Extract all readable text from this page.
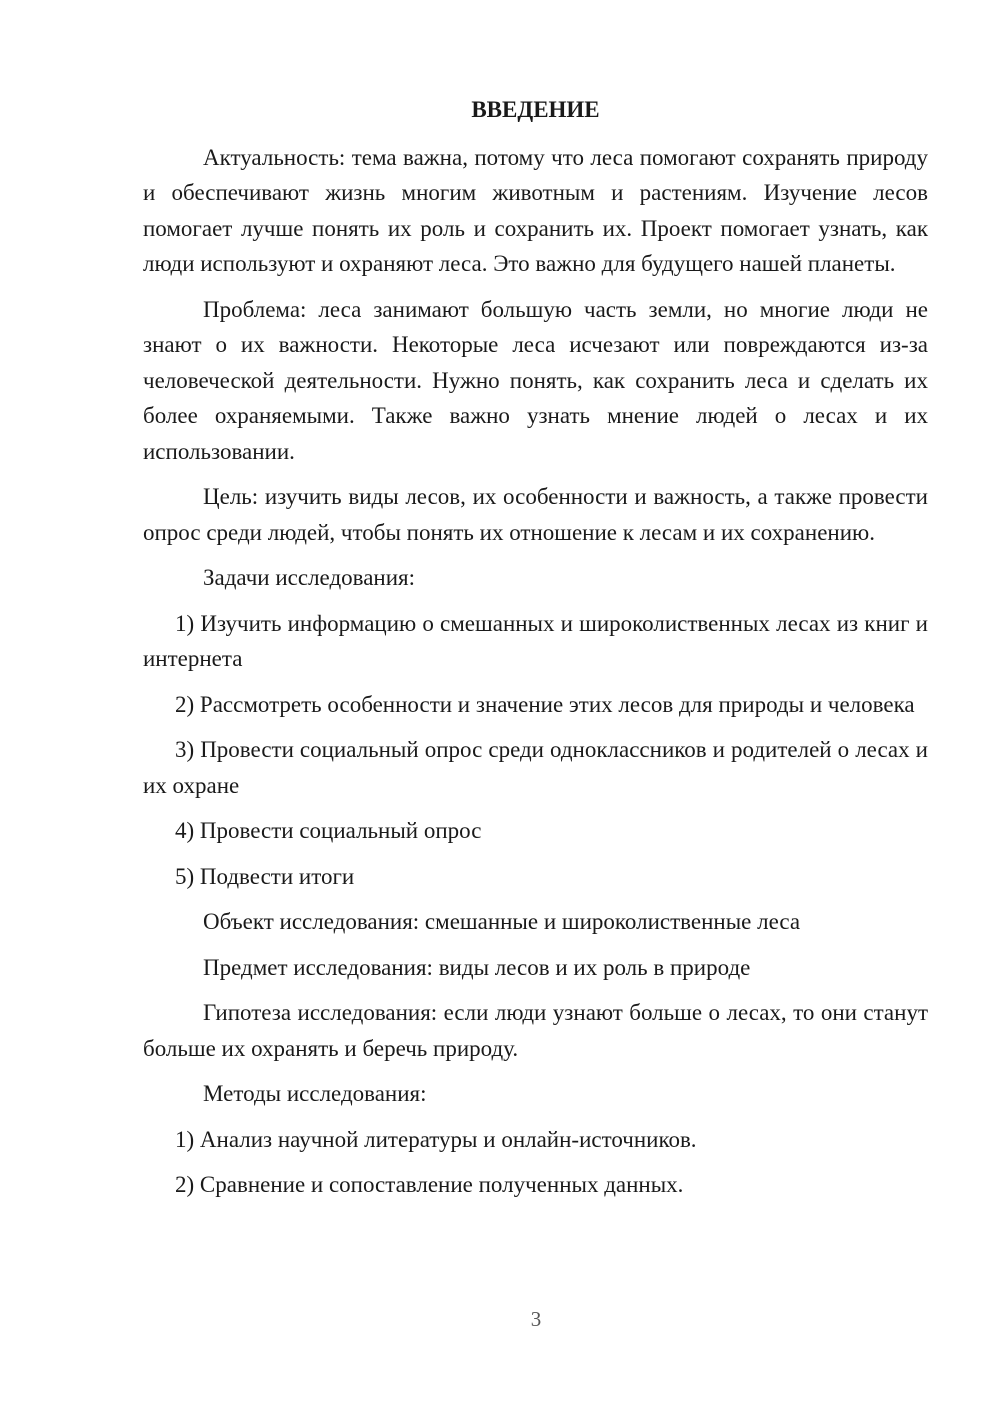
ВВЕДЕНИЕ

Актуальность: тема важна, потому что леса помогают сохранять природу и обеспечивают жизнь многим животным и растениям. Изучение лесов помогает лучше понять их роль и сохранить их. Проект помогает узнать, как люди используют и охраняют леса. Это важно для будущего нашей планеты.

Проблема: леса занимают большую часть земли, но многие люди не знают о их важности. Некоторые леса исчезают или повреждаются из-за человеческой деятельности. Нужно понять, как сохранить леса и сделать их более охраняемыми. Также важно узнать мнение людей о лесах и их использовании.

Цель: изучить виды лесов, их особенности и важность, а также провести опрос среди людей, чтобы понять их отношение к лесам и их сохранению.

Задачи исследования:

1) Изучить информацию о смешанных и широколиственных лесах из книг и интернета

2) Рассмотреть особенности и значение этих лесов для природы и человека

3) Провести социальный опрос среди одноклассников и родителей о лесах и их охране

4) Провести социальный опрос

5) Подвести итоги

Объект исследования: смешанные и широколиственные леса

Предмет исследования: виды лесов и их роль в природе

Гипотеза исследования: если люди узнают больше о лесах, то они станут больше их охранять и беречь природу.

Методы исследования:

1) Анализ научной литературы и онлайн-источников.

2) Сравнение и сопоставление полученных данных.

3
